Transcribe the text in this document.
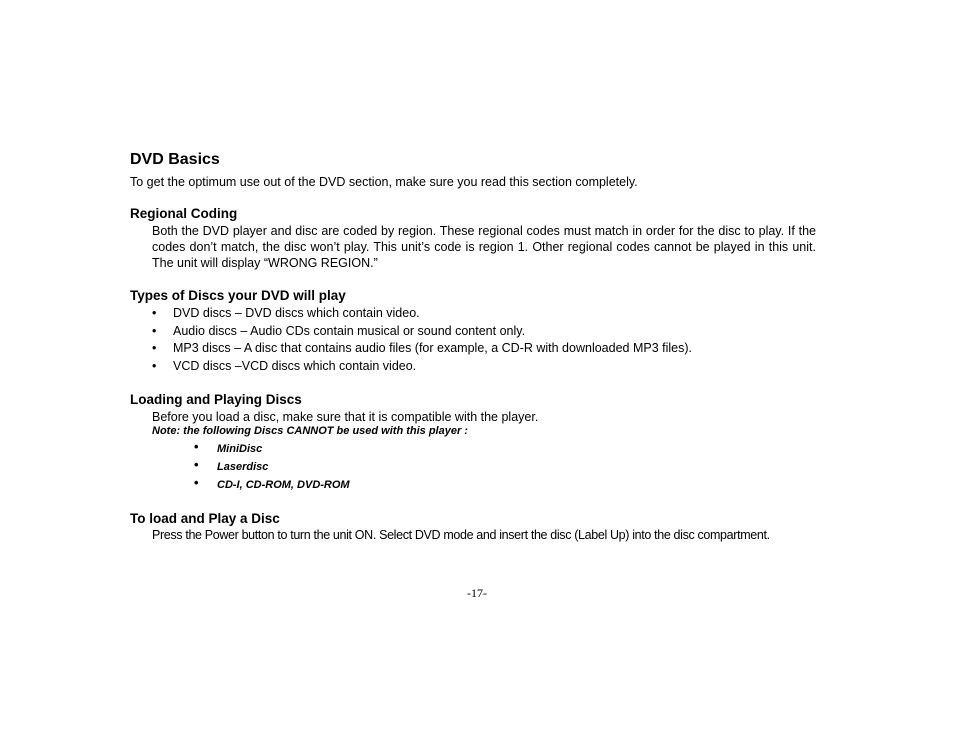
DVD Basics

To get the optimum use out of the DVD section, make sure you read this section completely.

Regional Coding

Both the DVD player and disc are coded by region. These regional codes must match in order for the disc to play. If the codes don’t match, the disc won’t play. This unit’s code is region 1. Other regional codes cannot be played in this unit. The unit will display “WRONG REGION.”

Types of Discs your DVD will play
• DVD discs – DVD discs which contain video.
• Audio discs – Audio CDs contain musical or sound content only.
• MP3 discs – A disc that contains audio files (for example, a CD-R with downloaded MP3 files).
• VCD discs –VCD discs which contain video.
Loading and Playing Discs

Before you load a disc, make sure that it is compatible with the player.

Note: the following Discs CANNOT be used with this player :

• MiniDisc
• Laserdisc
• CD-I, CD-ROM, DVD-ROM
To load and Play a Disc

Press the Power button to turn the unit ON. Select DVD mode and insert the disc (Label Up) into the disc compartment.

-17-
